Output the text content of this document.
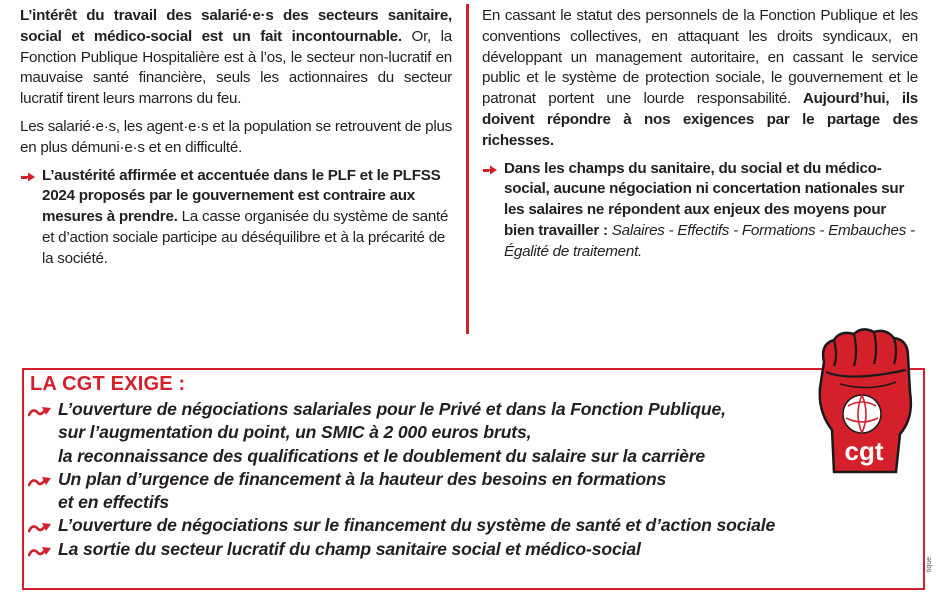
L’intérêt du travail des salarié·e·s des secteurs sanitaire, social et médico-social est un fait incontournable. Or, la Fonction Publique Hospitalière est à l’os, le secteur non-lucratif en mauvaise santé financière, seuls les actionnaires du secteur lucratif tirent leurs marrons du feu.

Les salarié·e·s, les agent·e·s et la population se retrouvent de plus en plus démuni·e·s et en difficulté.

L’austérité affirmée et accentuée dans le PLF et le PLFSS 2024 proposés par le gouvernement est contraire aux mesures à prendre. La casse organisée du système de santé et d’action sociale participe au déséquilibre et à la précarité de la société.

En cassant le statut des personnels de la Fonction Publique et les conventions collectives, en attaquant les droits syndicaux, en développant un management autoritaire, en cassant le service public et le système de protection sociale, le gouvernement et le patronat portent une lourde responsabilité. Aujourd’hui, ils doivent répondre à nos exigences par le partage des richesses.

Dans les champs du sanitaire, du social et du médico-social, aucune négociation ni concertation nationales sur les salaires ne répondent aux enjeux des moyens pour bien travailler : Salaires - Effectifs - Formations - Embauches - Égalité de traitement.

LA CGT EXIGE :
L’ouverture de négociations salariales pour le Privé et dans la Fonction Publique,
sur l’augmentation du point, un SMIC à 2 000 euros bruts,
la reconnaissance des qualifications et le doublement du salaire sur la carrière
Un plan d’urgence de financement à la hauteur des besoins en formations
et en effectifs
L’ouverture de négociations sur le financement du système de santé et d’action sociale
La sortie du secteur lucratif du champ sanitaire social et médico-social
cgt
tique.
